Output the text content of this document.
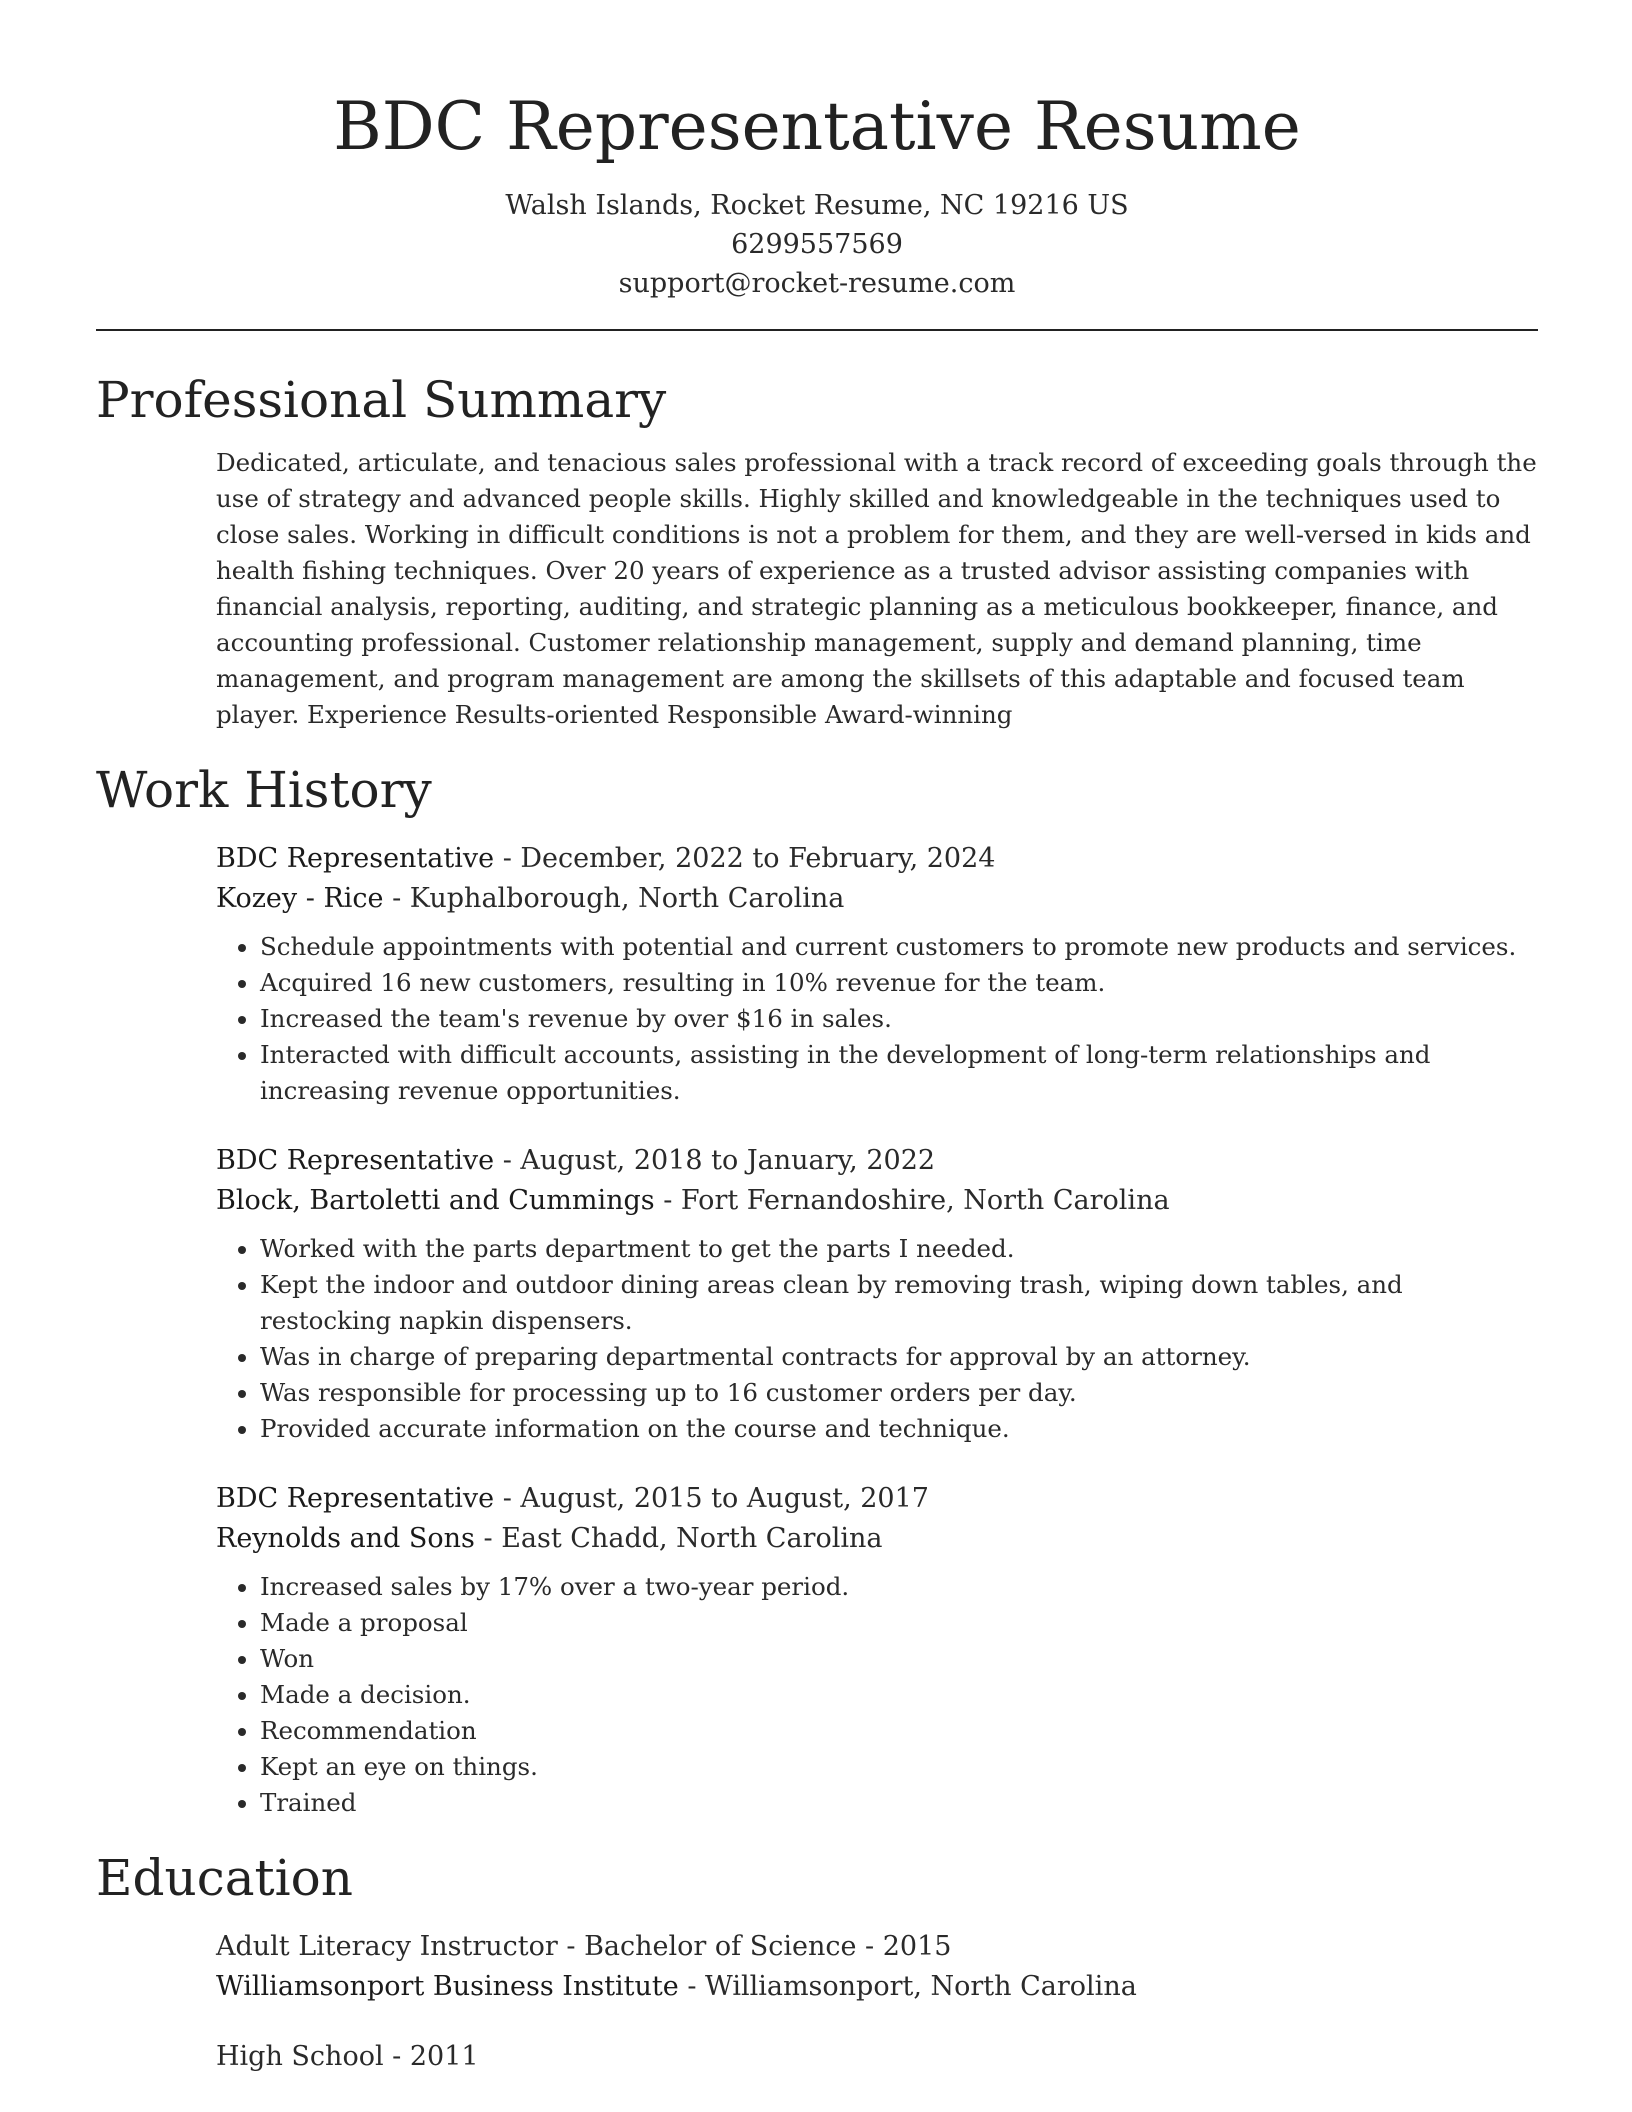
BDC Representative Resume
Walsh Islands, Rocket Resume, NC 19216 US
6299557569
support@rocket-resume.com
Professional Summary
Dedicated, articulate, and tenacious sales professional with a track record of exceeding goals through the use of strategy and advanced people skills. Highly skilled and knowledgeable in the techniques used to close sales. Working in difficult conditions is not a problem for them, and they are well-versed in kids and health fishing techniques. Over 20 years of experience as a trusted advisor assisting companies with financial analysis, reporting, auditing, and strategic planning as a meticulous bookkeeper, finance, and accounting professional. Customer relationship management, supply and demand planning, time management, and program management are among the skillsets of this adaptable and focused team player. Experience Results-oriented Responsible Award-winning
Work History
BDC Representative - December, 2022 to February, 2024
Kozey - Rice - Kuphalborough, North Carolina
• Schedule appointments with potential and current customers to promote new products and services.
• Acquired 16 new customers, resulting in 10% revenue for the team.
• Increased the team's revenue by over $16 in sales.
• Interacted with difficult accounts, assisting in the development of long-term relationships and increasing revenue opportunities.
BDC Representative - August, 2018 to January, 2022
Block, Bartoletti and Cummings - Fort Fernandoshire, North Carolina
• Worked with the parts department to get the parts I needed.
• Kept the indoor and outdoor dining areas clean by removing trash, wiping down tables, and restocking napkin dispensers.
• Was in charge of preparing departmental contracts for approval by an attorney.
• Was responsible for processing up to 16 customer orders per day.
• Provided accurate information on the course and technique.
BDC Representative - August, 2015 to August, 2017
Reynolds and Sons - East Chadd, North Carolina
• Increased sales by 17% over a two-year period.
• Made a proposal
• Won
• Made a decision.
• Recommendation
• Kept an eye on things.
• Trained
Education
Adult Literacy Instructor - Bachelor of Science - 2015
Williamsonport Business Institute - Williamsonport, North Carolina
High School - 2011
